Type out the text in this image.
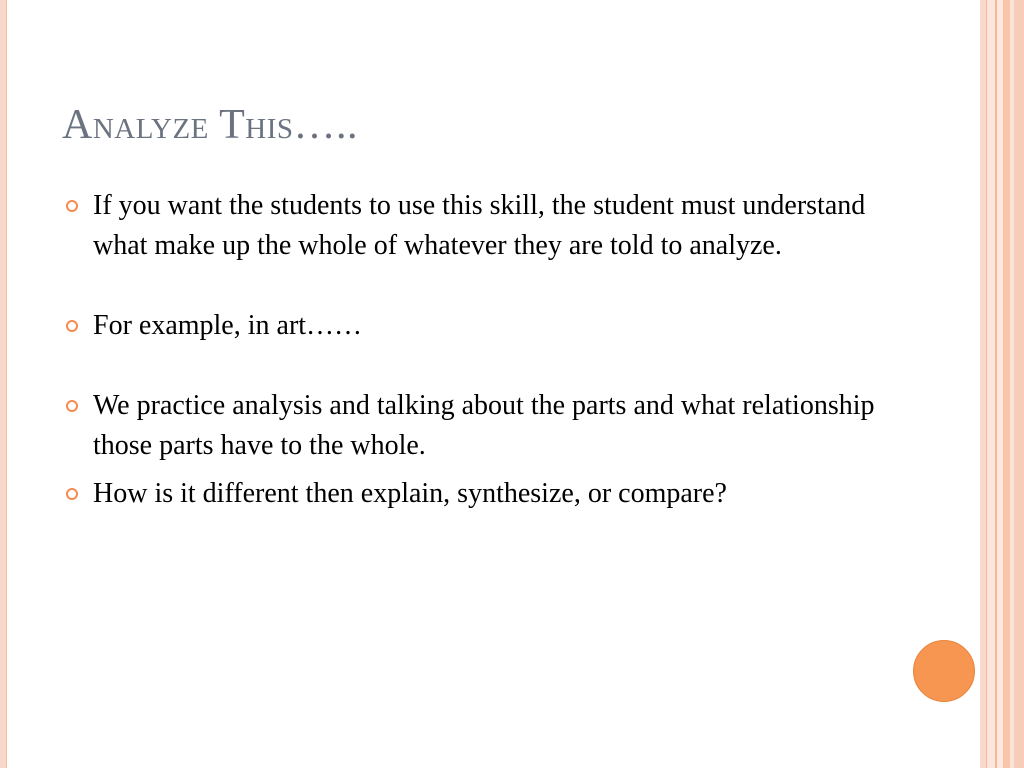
Analyze This…..
If you want the students to use this skill, the student must understand what make up the whole of whatever they are told to analyze.
For example, in art……
We practice analysis and talking about the parts and what relationship those parts have to the whole.
How is it different then explain, synthesize, or compare?
